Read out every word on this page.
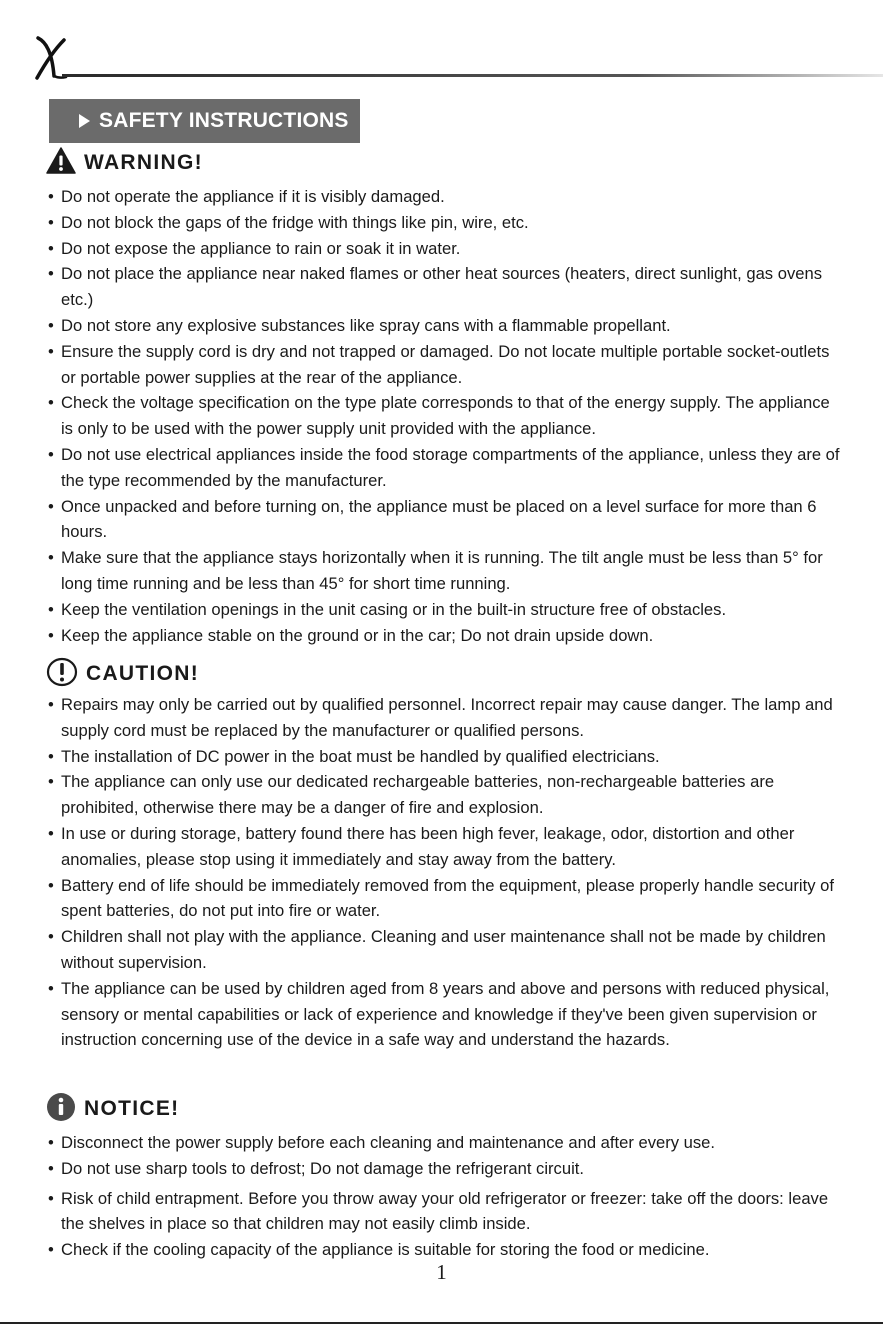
SAFETY INSTRUCTIONS
WARNING!
• Do not operate the appliance if it is visibly damaged.
• Do not block the gaps of the fridge with things like pin, wire, etc.
• Do not expose the appliance to rain or soak it in water.
• Do not place the appliance near naked flames or other heat sources (heaters, direct sunlight, gas ovens etc.)
• Do not store any explosive substances like spray cans with a flammable propellant.
• Ensure the supply cord is dry and not trapped or damaged. Do not locate multiple portable socket-outlets or portable power supplies at the rear of the appliance.
• Check the voltage specification on the type plate corresponds to that of the energy supply. The appliance is only to be used with the power supply unit provided with the appliance.
• Do not use electrical appliances inside the food storage compartments of the appliance, unless they are of the type recommended by the manufacturer.
• Once unpacked and before turning on, the appliance must be placed on a level surface for more than 6 hours.
• Make sure that the appliance stays horizontally when it is running. The tilt angle must be less than 5° for long time running and be less than 45° for short time running.
• Keep the ventilation openings in the unit casing or in the built-in structure free of obstacles.
• Keep the appliance stable on the ground or in the car; Do not drain upside down.
CAUTION!
• Repairs may only be carried out by qualified personnel. Incorrect repair may cause danger. The lamp and supply cord must be replaced by the manufacturer or qualified persons.
• The installation of DC power in the boat must be handled by qualified electricians.
• The appliance can only use our dedicated rechargeable batteries, non-rechargeable batteries are prohibited, otherwise there may be a danger of fire and explosion.
• In use or during storage, battery found there has been high fever, leakage, odor, distortion and other anomalies, please stop using it immediately and stay away from the battery.
• Battery end of life should be immediately removed from the equipment, please properly handle security of spent batteries, do not put into fire or water.
• Children shall not play with the appliance. Cleaning and user maintenance shall not be made by children without supervision.
• The appliance can be used by children aged from 8 years and above and persons with reduced physical, sensory or mental capabilities or lack of experience and knowledge if they've been given supervision or instruction concerning use of the device in a safe way and understand the hazards.
NOTICE!
• Disconnect the power supply before each cleaning and maintenance and after every use.
• Do not use sharp tools to defrost; Do not damage the refrigerant circuit.
• Risk of child entrapment. Before you throw away your old refrigerator or freezer: take off the doors: leave the shelves in place so that children may not easily climb inside.
• Check if the cooling capacity of the appliance is suitable for storing the food or medicine.
1
